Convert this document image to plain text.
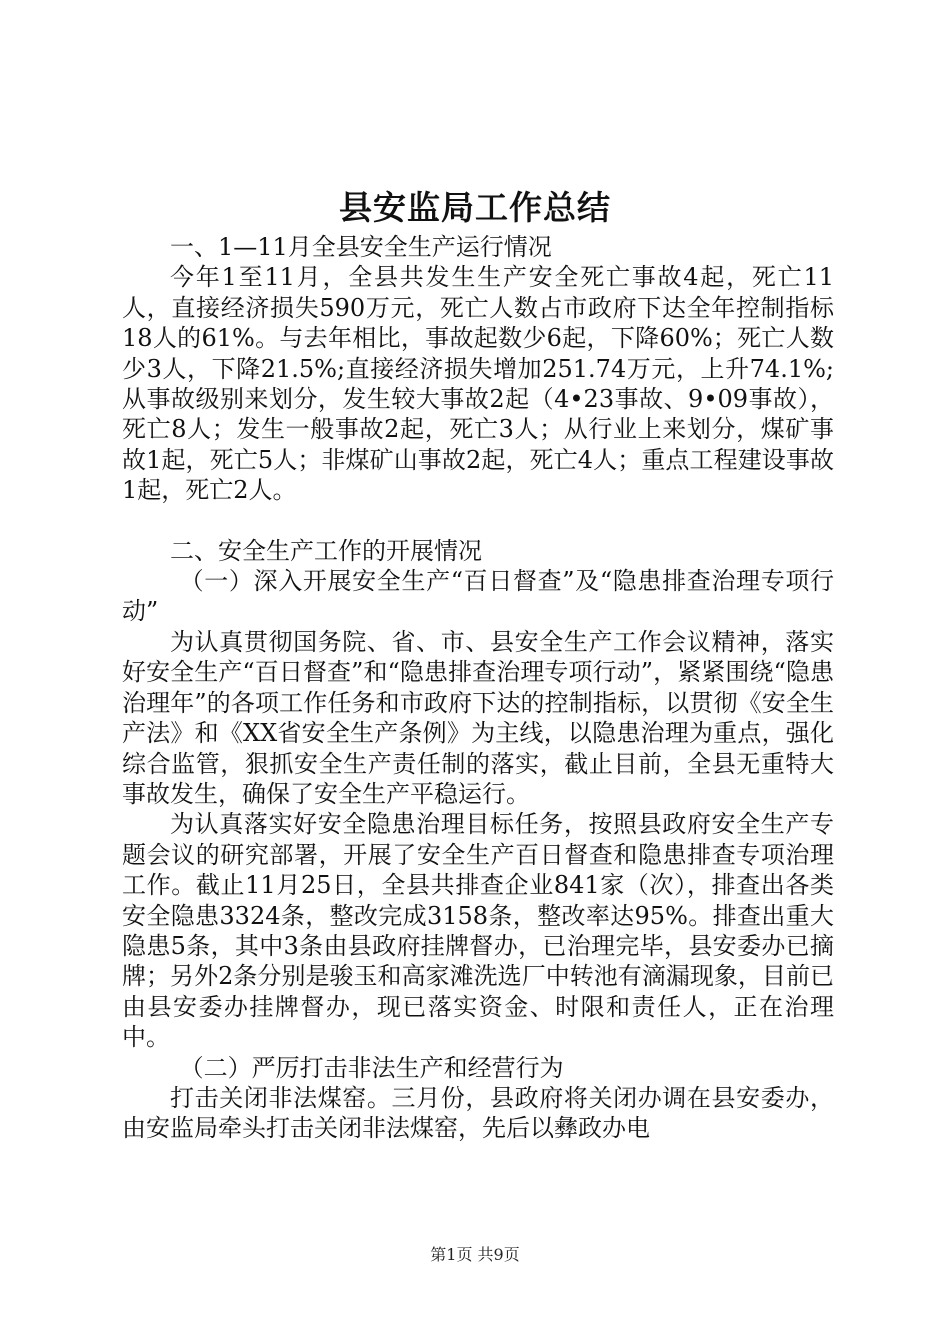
县安监局工作总结

一、1—11月全县安全生产运行情况

今年1至11月，全县共发生生产安全死亡事故4起，死亡11人，直接经济损失590万元，死亡人数占市政府下达全年控制指标18人的61%。与去年相比，事故起数少6起，下降60%；死亡人数少3人，下降21.5%;直接经济损失增加251.74万元，上升74.1%;从事故级别来划分，发生较大事故2起（4•23事故、9•09事故），死亡8人；发生一般事故2起，死亡3人；从行业上来划分，煤矿事故1起，死亡5人；非煤矿山事故2起，死亡4人；重点工程建设事故1起，死亡2人。

二、安全生产工作的开展情况

（一）深入开展安全生产“百日督查”及“隐患排查治理专项行动”

为认真贯彻国务院、省、市、县安全生产工作会议精神，落实好安全生产“百日督查”和“隐患排查治理专项行动”，紧紧围绕“隐患治理年”的各项工作任务和市政府下达的控制指标，以贯彻《安全生产法》和《XX省安全生产条例》为主线，以隐患治理为重点，强化综合监管，狠抓安全生产责任制的落实，截止目前，全县无重特大事故发生，确保了安全生产平稳运行。

为认真落实好安全隐患治理目标任务，按照县政府安全生产专题会议的研究部署，开展了安全生产百日督查和隐患排查专项治理工作。截止11月25日，全县共排查企业841家（次），排查出各类安全隐患3324条，整改完成3158条，整改率达95%。排查出重大隐患5条，其中3条由县政府挂牌督办，已治理完毕，县安委办已摘牌；另外2条分别是骏玉和高家滩洗选厂中转池有滴漏现象，目前已由县安委办挂牌督办，现已落实资金、时限和责任人，正在治理中。

（二）严厉打击非法生产和经营行为

打击关闭非法煤窑。三月份，县政府将关闭办调在县安委办，由安监局牵头打击关闭非法煤窑，先后以彝政办电

第1页 共9页
